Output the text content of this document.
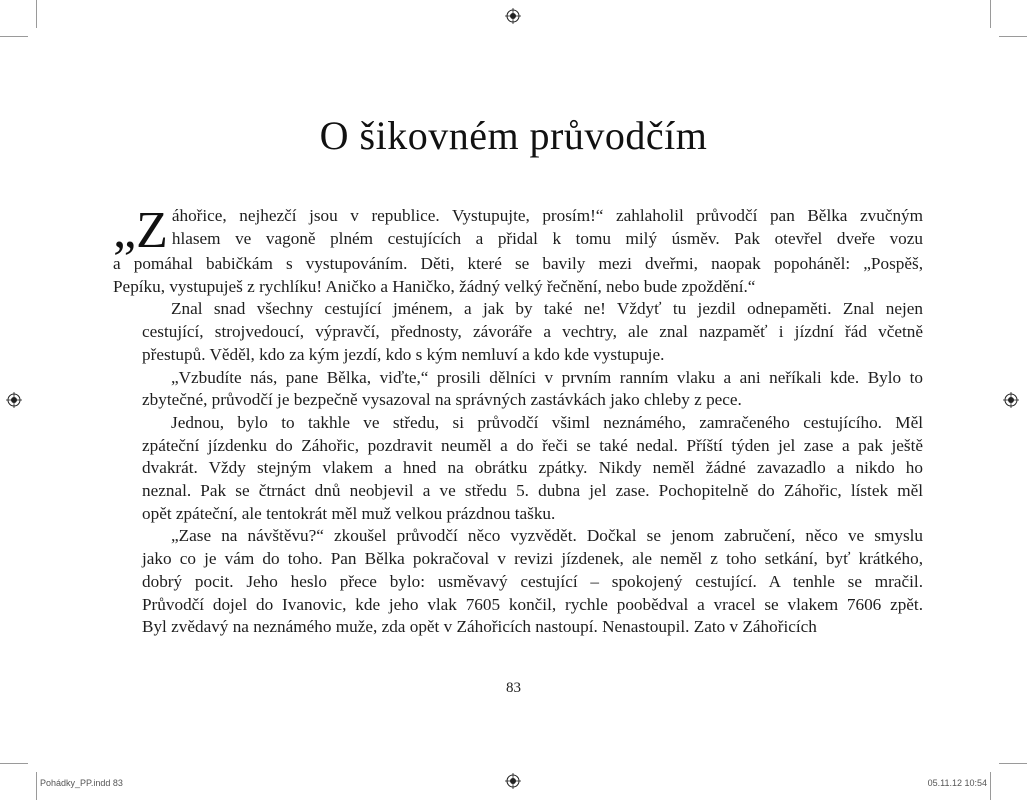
O šikovném průvodčím

„Z áhořice, nejhezčí jsou v republice. Vystupujte, prosím!“ zahlaholil průvodčí pan Bělka zvučným
hlasem ve vagoně plném cestujících a přidal k tomu milý úsměv. Pak otevřel dveře vozu
a pomáhal babičkám s vystupováním. Děti, které se bavily mezi dveřmi, naopak popoháněl: „Pospěš,
Pepíku, vystupuješ z rychlíku! Aničko a Haničko, žádný velký řečnění, nebo bude zpoždění.“

Znal snad všechny cestující jménem, a jak by také ne! Vždyť tu jezdil odnepaměti. Znal nejen
cestující, strojvedoucí, výpravčí, přednosty, závoráře a vechtry, ale znal nazpaměť i jízdní řád včetně
přestupů. Věděl, kdo za kým jezdí, kdo s kým nemluví a kdo kde vystupuje.

„Vzbudíte nás, pane Bělka, viďte,“ prosili dělníci v prvním ranním vlaku a ani neříkali kde. Bylo to
zbytečné, průvodčí je bezpečně vysazoval na správných zastávkách jako chleby z pece.

Jednou, bylo to takhle ve středu, si průvodčí všiml neznámého, zamračeného cestujícího. Měl
zpáteční jízdenku do Záhořic, pozdravit neuměl a do řeči se také nedal. Příští týden jel zase a pak ještě
dvakrát. Vždy stejným vlakem a hned na obrátku zpátky. Nikdy neměl žádné zavazadlo a nikdo ho
neznal. Pak se čtrnáct dnů neobjevil a ve středu 5. dubna jel zase. Pochopitelně do Záhořic, lístek měl
opět zpáteční, ale tentokrát měl muž velkou prázdnou tašku.

„Zase na návštěvu?“ zkoušel průvodčí něco vyzvědět. Dočkal se jenom zabručení, něco ve smyslu
jako co je vám do toho. Pan Bělka pokračoval v revizi jízdenek, ale neměl z toho setkání, byť krátkého,
dobrý pocit. Jeho heslo přece bylo: usměvavý cestující – spokojený cestující. A tenhle se mračil.
Průvodčí dojel do Ivanovic, kde jeho vlak 7605 končil, rychle poobědval a vracel se vlakem 7606 zpět.
Byl zvědavý na neznámého muže, zda opět v Záhořicích nastoupí. Nenastoupil. Zato v Záhořicích

83
Pohádky_PP.indd 83	05.11.12 10:54
